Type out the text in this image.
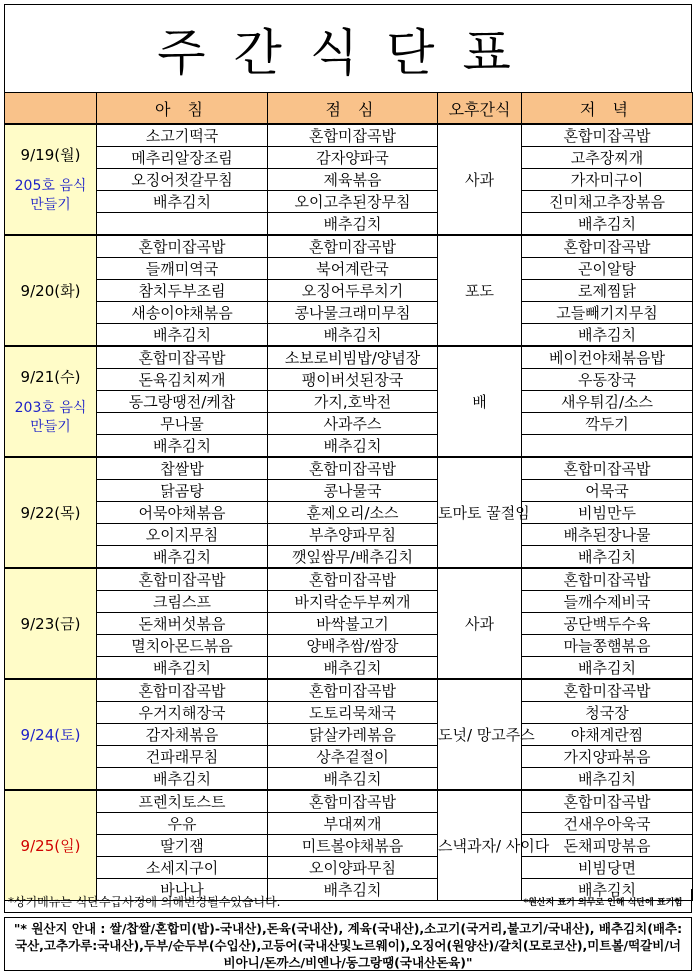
주간식단표
	아 침	점 심	오후간식	저 녁

9/19(월)
205호 음식만들기	소고기떡국	혼합미잡곡밥	사과	혼합미잡곡밥
	메추리알장조림	감자양파국		고추장찌개
	오징어젓갈무침	제육볶음		가자미구이
	배추김치	오이고추된장무침		진미채고추장볶음
		배추김치		배추김치

9/20(화)	혼합미잡곡밥	혼합미잡곡밥	포도	혼합미잡곡밥
	들깨미역국	북어계란국		곤이알탕
	참치두부조림	오징어두루치기		로제찜닭
	새송이야채볶음	콩나물크래미무침		고들빼기지무침
	배추김치	배추김치		배추김치

9/21(수)
203호 음식만들기	혼합미잡곡밥	소보로비빔밥/양념장	배	베이컨야채볶음밥
	돈육김치찌개	팽이버섯된장국		우동장국
	동그랑땡전/케찹	가지,호박전		새우튀김/소스
	무나물	사과주스		깍두기
	배추김치	배추김치		

9/22(목)	찹쌀밥	혼합미잡곡밥	토마토 꿀절임	혼합미잡곡밥
	닭곰탕	콩나물국		어묵국
	어묵야채볶음	훈제오리/소스		비빔만두
	오이지무침	부추양파무침		배추된장나물
	배추김치	깻잎쌈무/배추김치		배추김치

9/23(금)	혼합미잡곡밥	혼합미잡곡밥	사과	혼합미잡곡밥
	크림스프	바지락순두부찌개		들깨수제비국
	돈채버섯볶음	바싹불고기		공단백두수육
	멸치아몬드볶음	양배추쌈/쌈장		마늘쫑햄볶음
	배추김치	배추김치		배추김치

9/24(토)	혼합미잡곡밥	혼합미잡곡밥	도넛/ 망고주스	혼합미잡곡밥
	우거지해장국	도토리묵채국		청국장
	감자채볶음	닭살카레볶음		야채계란찜
	건파래무침	상추겉절이		가지양파볶음
	배추김치	배추김치		배추김치

9/25(일)	프렌치토스트	혼합미잡곡밥	스낵과자/ 사이다	혼합미잡곡밥
	우유	부대찌개		건새우아욱국
	딸기잼	미트볼야채볶음		돈채피망볶음
	소세지구이	오이양파무침		비빔당면
	바나나	배추김치		배추김치
*상기메뉴는 식단수급사정에 의해변경될수있습니다.	*원산지 표기 의무로 인해 식단에 표기함
"* 원산지 안내 : 쌀/찹쌀/혼합미(밥)-국내산),돈육(국내산), 계육(국내산),소고기(국거리,불고기/국내산), 배추김치(배추:국산,고추가루:국내산),두부/순두부(수입산),고등어(국내산및노르웨이),오징어(원양산)/갈치(모로코산),미트볼/떡갈비/너비아니/돈까스/비엔나/동그랑땡(국내산돈육)"
